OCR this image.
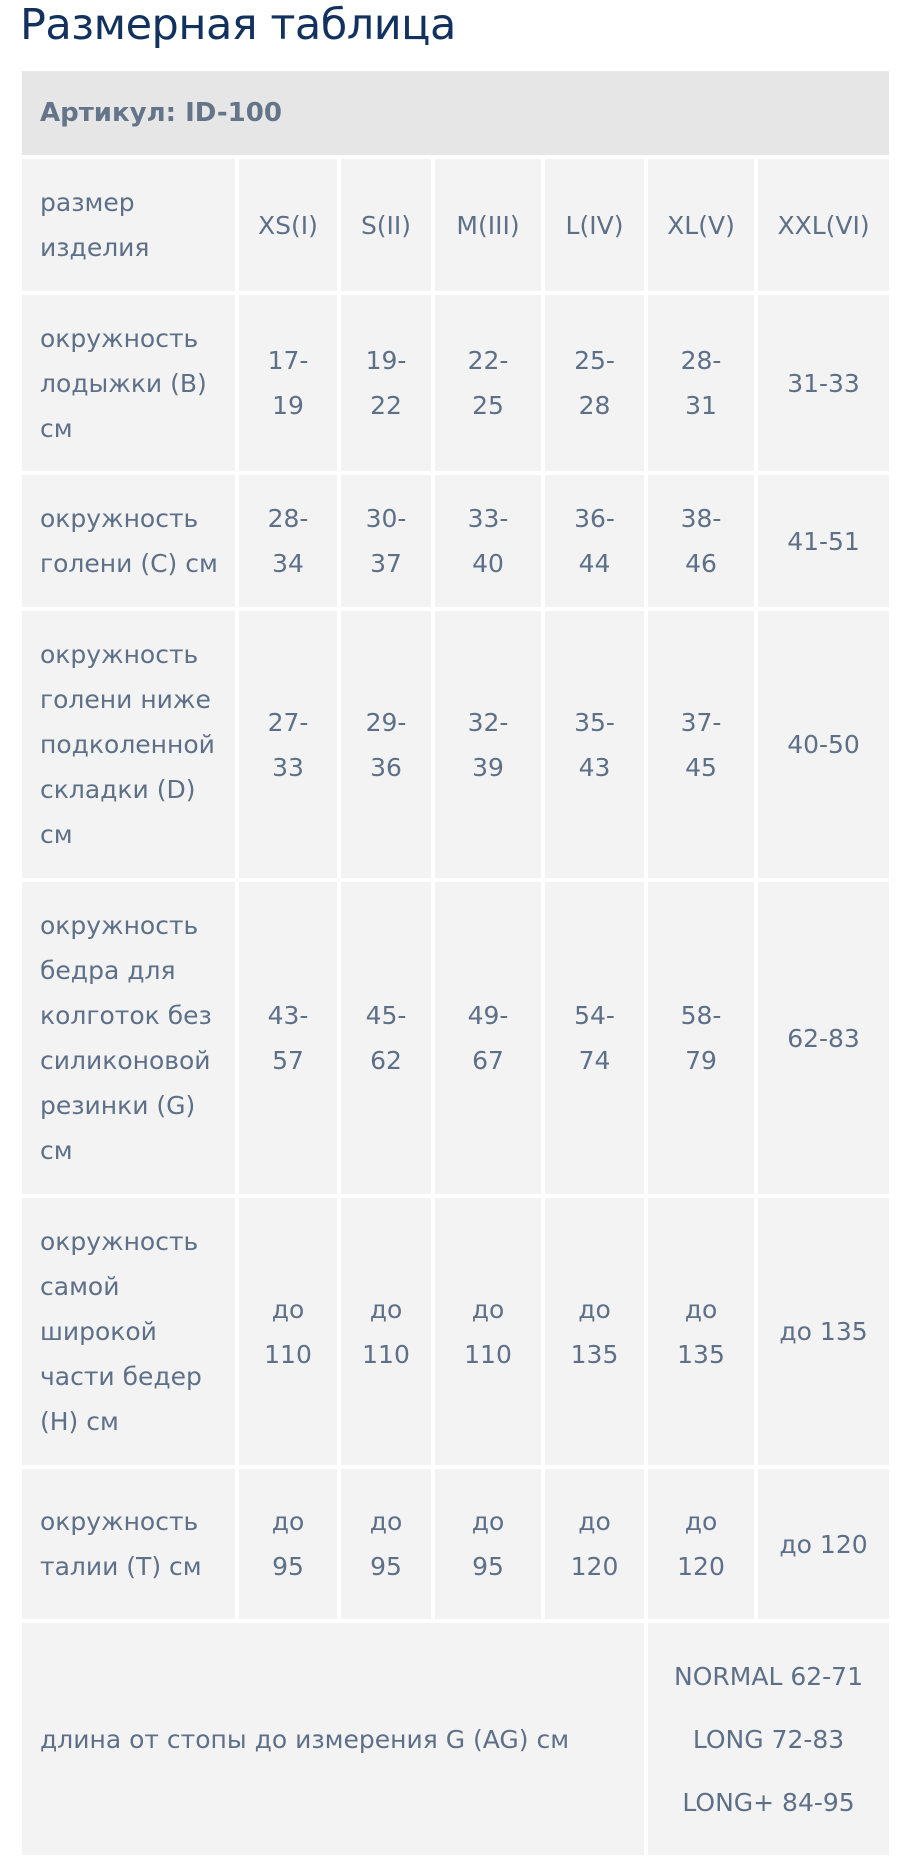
Размерная таблица
Артикул: ID-100						
размер изделия	XS(I)	S(II)	M(III)	L(IV)	XL(V)	XXL(VI)
окружность лодыжки (B) см	17-19	19-22	22-25	25-28	28-31	31-33
окружность голени (C) см	28-34	30-37	33-40	36-44	38-46	41-51
окружность голени ниже подколенной складки (D) см	27-33	29-36	32-39	35-43	37-45	40-50
окружность бедра для колготок без силиконовой резинки (G) см	43-57	45-62	49-67	54-74	58-79	62-83
окружность самой широкой части бедер (H) см	до 110	до 110	до 110	до 135	до 135	до 135
окружность талии (T) см	до 95	до 95	до 95	до 120	до 120	до 120
длина от стопы до измерения G (AG) см					NORMAL 62-71
LONG 72-83
LONG+ 84-95	
